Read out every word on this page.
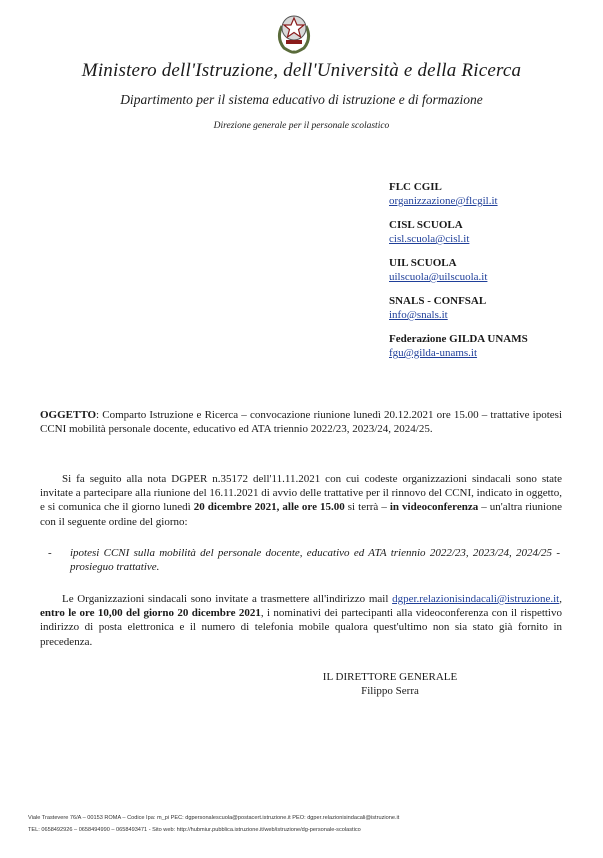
Ministero dell'Istruzione, dell'Università e della Ricerca
Dipartimento per il sistema educativo di istruzione e di formazione
Direzione generale per il personale scolastico
FLC CGIL
organizzazione@flcgil.it
CISL SCUOLA
cisl.scuola@cisl.it
UIL SCUOLA
uilscuola@uilscuola.it
SNALS - CONFSAL
info@snals.it
Federazione GILDA UNAMS
fgu@gilda-unams.it
OGGETTO: Comparto Istruzione e Ricerca – convocazione riunione lunedì 20.12.2021 ore 15.00 – trattative ipotesi CCNI mobilità personale docente, educativo ed ATA triennio 2022/23, 2023/24, 2024/25.
Si fa seguito alla nota DGPER n.35172 dell'11.11.2021 con cui codeste organizzazioni sindacali sono state invitate a partecipare alla riunione del 16.11.2021 di avvio delle trattative per il rinnovo del CCNI, indicato in oggetto, e si comunica che il giorno lunedì 20 dicembre 2021, alle ore 15.00 si terrà – in videoconferenza – un'altra riunione con il seguente ordine del giorno:
-	ipotesi CCNI sulla mobilità del personale docente, educativo ed ATA triennio 2022/23, 2023/24, 2024/25 - prosieguo trattative.
Le Organizzazioni sindacali sono invitate a trasmettere all'indirizzo mail dgper.relazionisindacali@istruzione.it, entro le ore 10,00 del giorno 20 dicembre 2021, i nominativi dei partecipanti alla videoconferenza con il rispettivo indirizzo di posta elettronica e il numero di telefonia mobile qualora quest'ultimo non sia stato già fornito in precedenza.
IL DIRETTORE GENERALE
Filippo Serra
Viale Trastevere 76/A – 00153 ROMA – Codice Ipa: m_pi PEC: dgpersonalescuola@postacert.istruzione.it PEO: dgper.relazionisindacali@istruzione.it
TEL: 0658492926 – 0658494990 – 0658493471 - Sito web: http://hubmiur.pubblica.istruzione.it/web/istruzione/dg-personale-scolastico
